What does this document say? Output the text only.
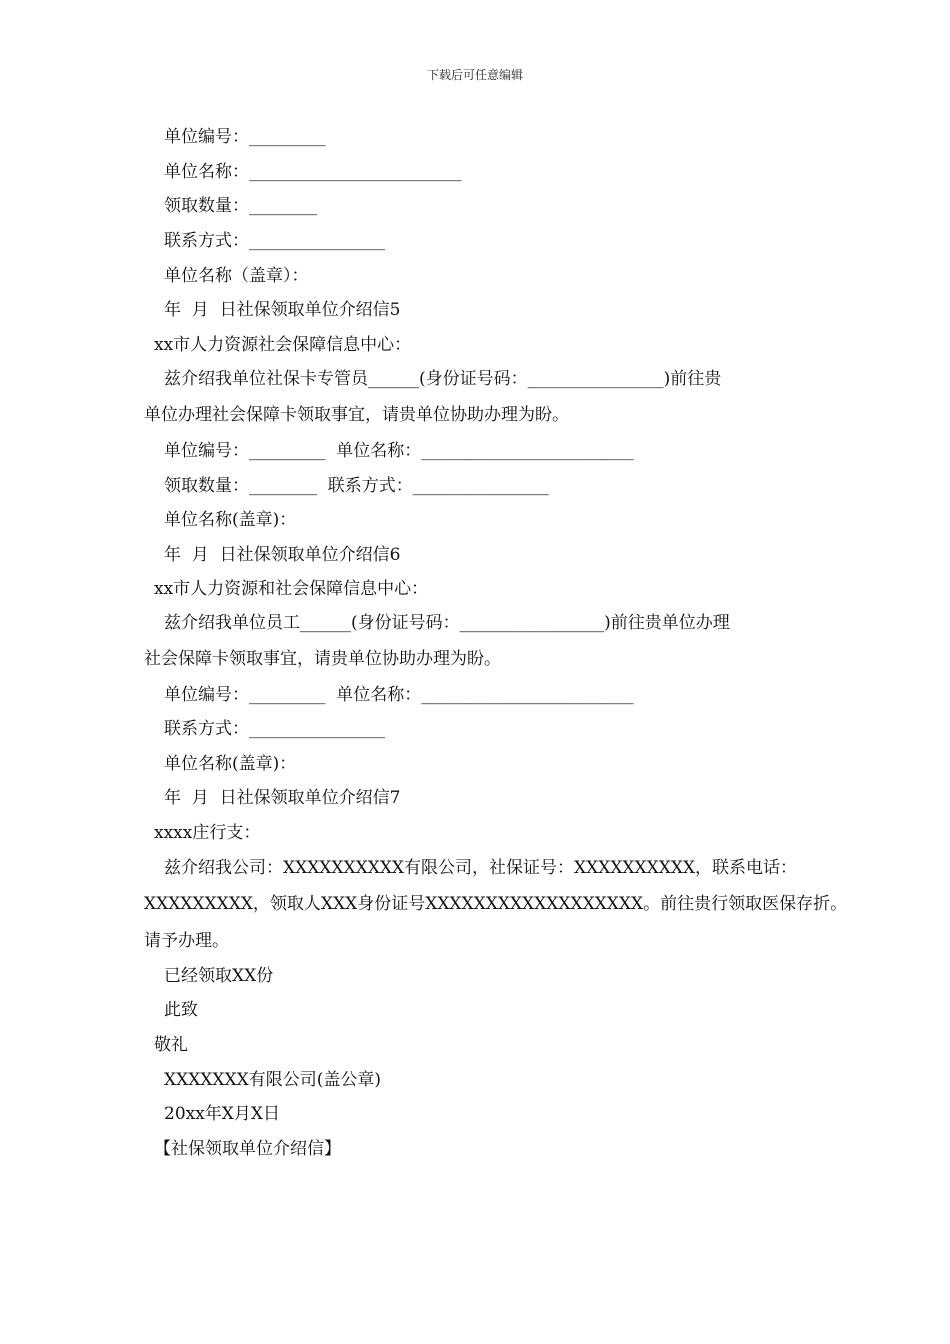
下载后可任意编辑
单位编号：_________
单位名称：_________________________
领取数量：________
联系方式：________________
单位名称（盖章）：
年  月  日社保领取单位介绍信5
xx市人力资源社会保障信息中心：
兹介绍我单位社保卡专管员______(身份证号码：________________)前往贵
单位办理社会保障卡领取事宜，请贵单位协助办理为盼。
单位编号：_________  单位名称：_________________________
领取数量：________  联系方式：________________
单位名称(盖章)：
年  月  日社保领取单位介绍信6
xx市人力资源和社会保障信息中心：
兹介绍我单位员工______(身份证号码：_________________)前往贵单位办理
社会保障卡领取事宜，请贵单位协助办理为盼。
单位编号：_________  单位名称：_________________________
联系方式：________________
单位名称(盖章)：
年  月  日社保领取单位介绍信7
xxxx庄行支：
兹介绍我公司：XXXXXXXXXX有限公司，社保证号：XXXXXXXXXX，联系电话：
XXXXXXXXX，领取人XXX身份证号XXXXXXXXXXXXXXXXXX。前往贵行领取医保存折。
请予办理。
已经领取XX份
此致
敬礼
XXXXXXX有限公司(盖公章)
20xx年X月X日
【社保领取单位介绍信】
